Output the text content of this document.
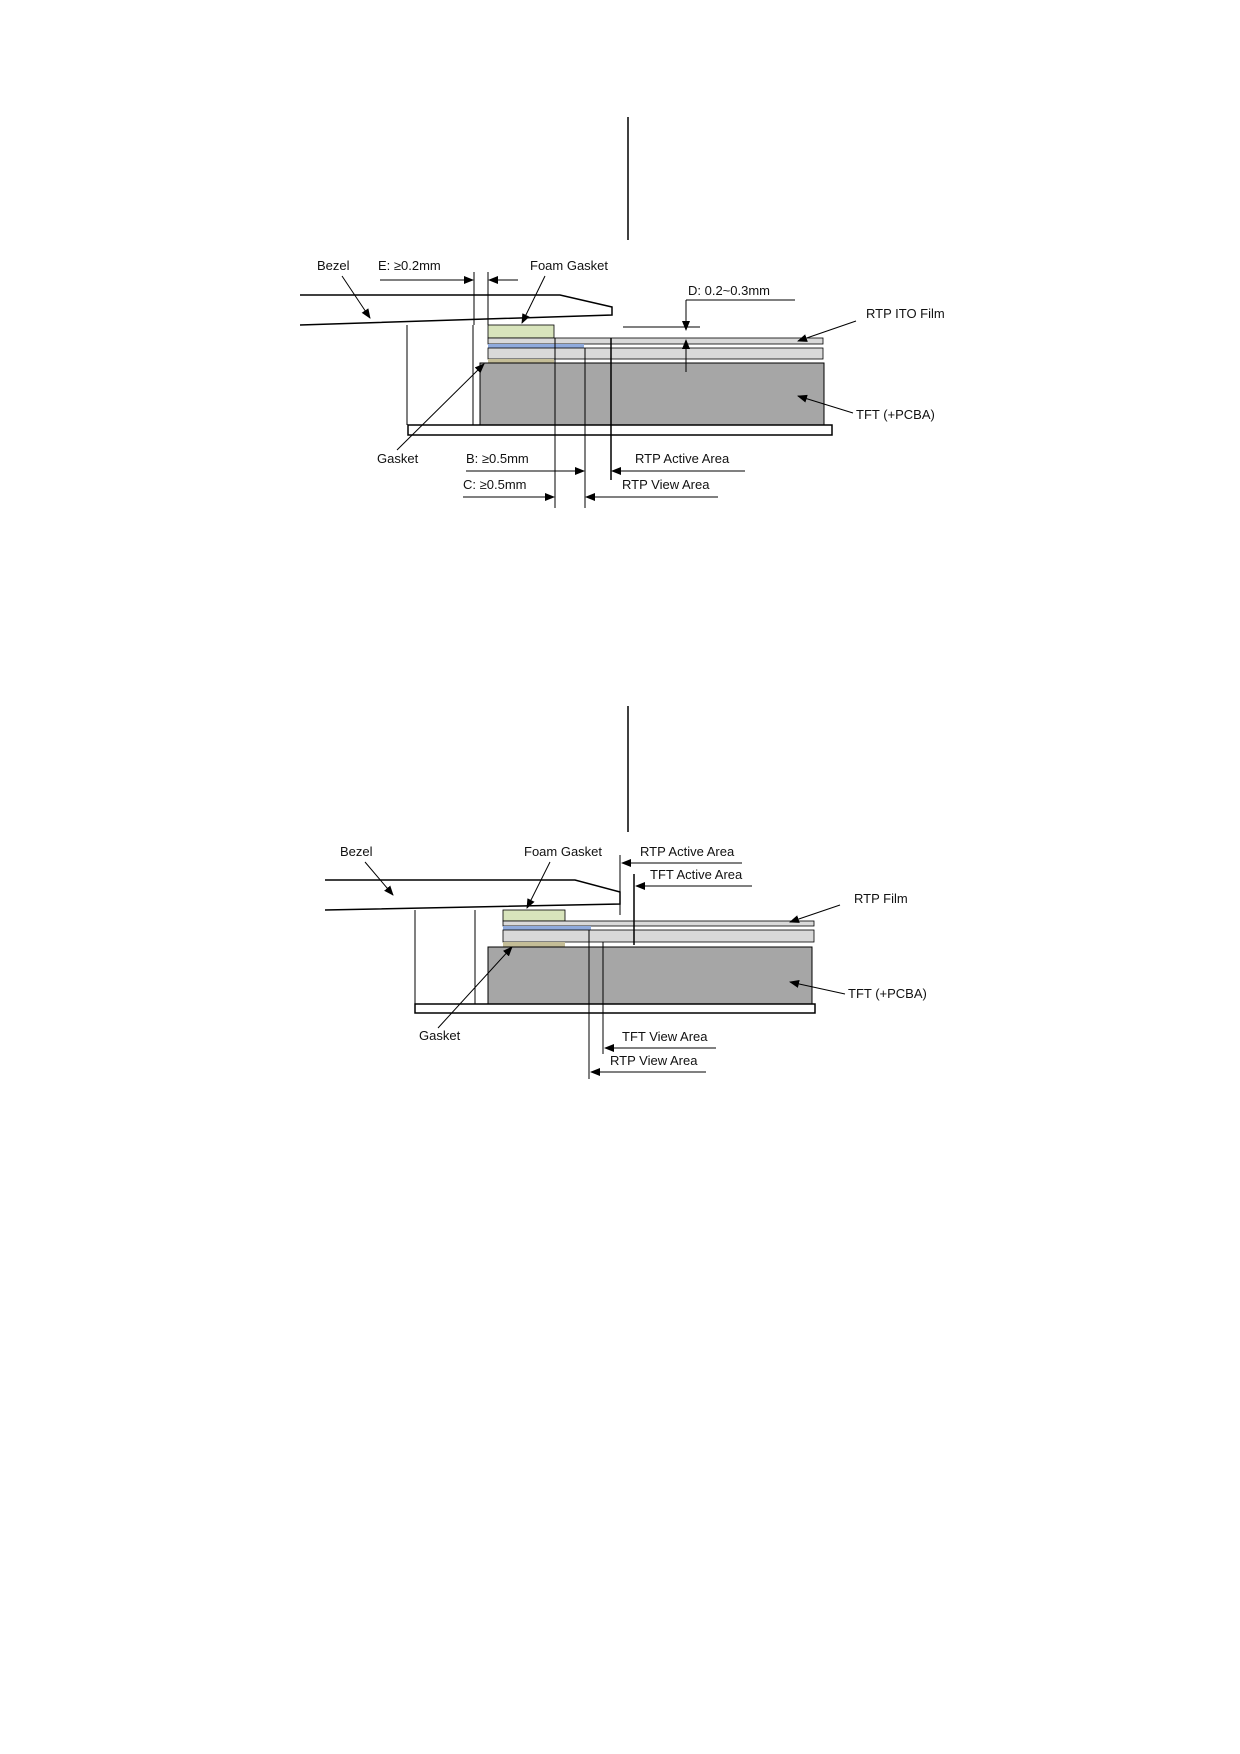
Bezel E: ≥0.2mm	Foam Gasket
D: 0.2~0.3mm
RTP ITO Film
TFT (+PCBA)
Gasket	B: ≥0.5mm	RTP Active Area
C: ≥0.5mm	RTP View Area
Bezel	Foam Gasket	RTP Active Area
TFT Active Area
RTP Film
TFT (+PCBA)
Gasket	TFT View Area
RTP View Area
